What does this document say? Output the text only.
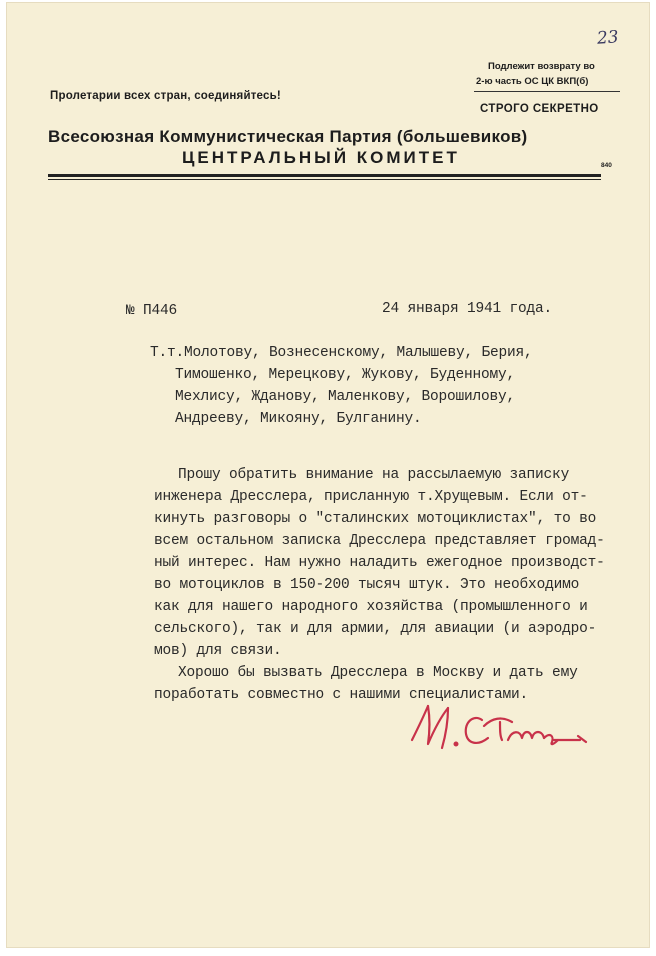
23
Пролетарии всех стран, соединяйтесь!
Подлежит возврату во
2-ю часть ОС ЦК ВКП(б)
СТРОГО СЕКРЕТНО
Всесоюзная Коммунистическая Партия (большевиков)
ЦЕНТРАЛЬНЫЙ КОМИТЕТ	840
№ П446	24 января 1941 года.
Т.т.Молотову, Вознесенскому, Малышеву, Берия,
Тимошенко, Мерецкову, Жукову, Буденному,
Мехлису, Жданову, Маленкову, Ворошилову,
Андрееву, Микояну, Булганину.
Прошу обратить внимание на рассылаемую записку
инженера Дресслера, присланную т.Хрущевым. Если от-
кинуть разговоры о "сталинских мотоциклистах", то во
всем остальном записка Дресслера представляет громад-
ный интерес. Нам нужно наладить ежегодное производст-
во мотоциклов в 150-200 тысяч штук. Это необходимо
как для нашего народного хозяйства (промышленного и
сельского), так и для армии, для авиации (и аэродро-
мов) для связи.
Хорошо бы вызвать Дресслера в Москву и дать ему
поработать совместно с нашими специалистами.
